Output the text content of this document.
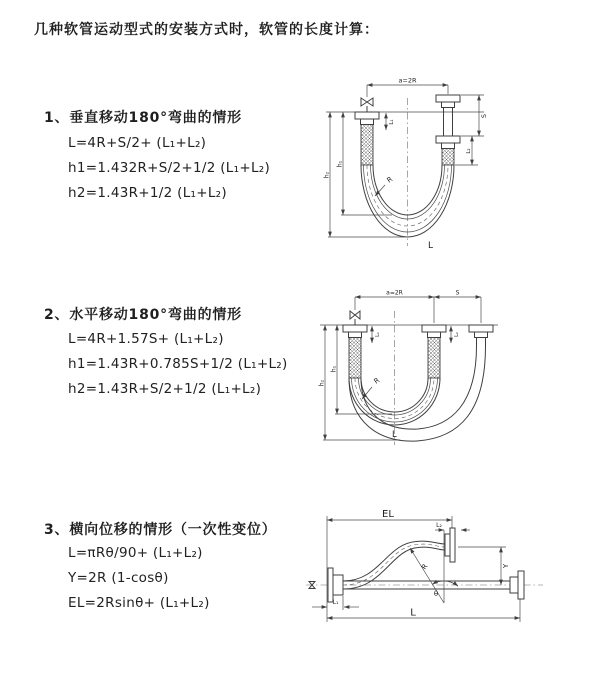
几种软管运动型式的安装方式时，软管的长度计算：
1、垂直移动180°弯曲的情形
L=4R+S/2+ (L₁+L₂)
h1=1.432R+S/2+1/2 (L₁+L₂)
h2=1.43R+1/2 (L₁+L₂)
a=2R
S
L₂
L₁
h₁
h₂
R
L
2、水平移动180°弯曲的情形
L=4R+1.57S+ (L₁+L₂)
h1=1.43R+0.785S+1/2 (L₁+L₂)
h2=1.43R+S/2+1/2 (L₁+L₂)
a=2R	S
L₁	L₂
h₁
h₂	R
L
3、横向位移的情形（一次性变位）
L=πRθ/90+ (L₁+L₂)
Y=2R (1-cosθ)
EL=2Rsinθ+ (L₁+L₂)
EL
L₂
Y
L₁
L
θ
R
